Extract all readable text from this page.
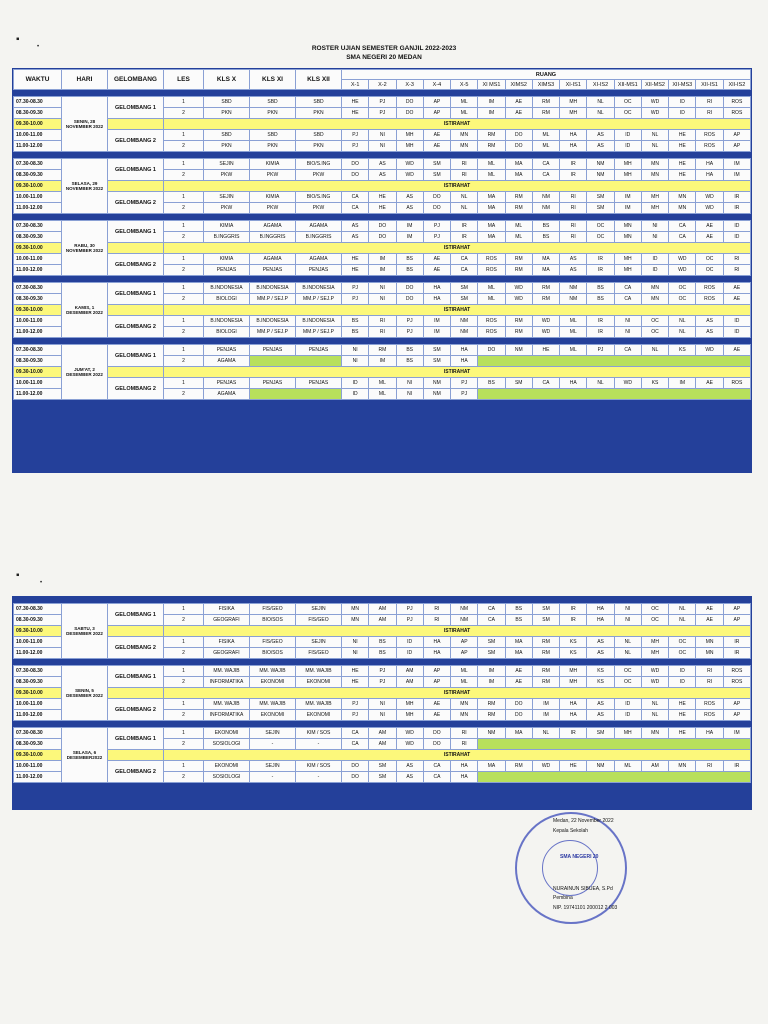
▪
•
▪
•
ROSTER UJIAN SEMESTER GANJIL 2022-2023
SMA NEGERI 20 MEDAN
WAKTU	HARI	GELOMBANG	LES	KLS X	KLS XI	KLS XII	RUANG														
							X-1	X-2	X-3	X-4	X-5	XI MS1	XIMS2	XIMS3	XI-IS1	XI-IS2	XII-MS1	XII-MS2	XII-MS3	XII-IS1	XII-IS2

07.30-08.30	SENIN, 28 NOVEMBER 2022	GELOMBANG 1	1	SBD	SBD	SBD	HE	PJ	DO	AP	ML	IM	AE	RM	MH	NL	OC	WD	ID	RI	ROS
08.30-09.30			2	PKN	PKN	PKN	HE	PJ	DO	AP	ML	IM	AE	RM	MH	NL	OC	WD	ID	RI	ROS
09.30-10.00			ISTIRAHAT																		
10.00-11.00		GELOMBANG 2	1	SBD	SBD	SBD	PJ	NI	MH	AE	MN	RM	DO	ML	HA	AS	ID	NL	HE	ROS	AP
11.00-12.00			2	PKN	PKN	PKN	PJ	NI	MH	AE	MN	RM	DO	ML	HA	AS	ID	NL	HE	ROS	AP

07.30-08.30	SELASA, 29 NOVEMBER 2022	GELOMBANG 1	1	SEJIN	KIMIA	BIO/S.ING	DO	AS	WD	SM	RI	ML	MA	CA	IR	NM	MH	MN	HE	HA	IM
08.30-09.30			2	PKW	PKW	PKW	DO	AS	WD	SM	RI	ML	MA	CA	IR	NM	MH	MN	HE	HA	IM
09.30-10.00			ISTIRAHAT																		
10.00-11.00		GELOMBANG 2	1	SEJIN	KIMIA	BIO/S.ING	CA	HE	AS	DO	NL	MA	RM	NM	RI	SM	IM	MH	MN	WD	IR
11.00-12.00			2	PKW	PKW	PKW	CA	HE	AS	DO	NL	MA	RM	NM	RI	SM	IM	MH	MN	WD	IR

07.30-08.30	RABU, 30 NOVEMBER 2022	GELOMBANG 1	1	KIMIA	AGAMA	AGAMA	AS	DO	IM	PJ	IR	MA	ML	BS	RI	OC	MN	NI	CA	AE	ID
08.30-09.30			2	B.INGGRIS	B.INGGRIS	B.INGGRIS	AS	DO	IM	PJ	IR	MA	ML	BS	RI	OC	MN	NI	CA	AE	ID
09.30-10.00			ISTIRAHAT																		
10.00-11.00		GELOMBANG 2	1	KIMIA	AGAMA	AGAMA	HE	IM	BS	AE	CA	ROS	RM	MA	AS	IR	MH	ID	WD	OC	RI
11.00-12.00			2	PENJAS	PENJAS	PENJAS	HE	IM	BS	AE	CA	ROS	RM	MA	AS	IR	MH	ID	WD	OC	RI

07.30-08.30	KAMIS, 1 DESEMBER 2022	GELOMBANG 1	1	B.INDONESIA	B.INDONESIA	B.INDONESIA	PJ	NI	DO	HA	SM	ML	WD	RM	NM	BS	CA	MN	OC	ROS	AE
08.30-09.30			2	BIOLOGI	MM.P / SEJ.P	MM.P / SEJ.P	PJ	NI	DO	HA	SM	ML	WD	RM	NM	BS	CA	MN	OC	ROS	AE
09.30-10.00			ISTIRAHAT																		
10.00-11.00		GELOMBANG 2	1	B.INDONESIA	B.INDONESIA	B.INDONESIA	BS	RI	PJ	IM	NM	ROS	RM	WD	ML	IR	NI	OC	NL	AS	ID
11.00-12.00			2	BIOLOGI	MM.P / SEJ.P	MM.P / SEJ.P	BS	RI	PJ	IM	NM	ROS	RM	WD	ML	IR	NI	OC	NL	AS	ID

07.30-08.30	JUM'AT, 2 DESEMBER 2022	GELOMBANG 1	1	PENJAS	PENJAS	PENJAS	NI	RM	BS	SM	HA	DO	NM	HE	ML	PJ	CA	NL	KS	WD	AE
08.30-09.30			2	AGAMA			NI	IM	BS	SM	HA										
09.30-10.00			ISTIRAHAT																		
10.00-11.00		GELOMBANG 2	1	PENJAS	PENJAS	PENJAS	ID	ML	NI	NM	PJ	BS	SM	CA	HA	NL	WD	KS	IM	AE	ROS
11.00-12.00			2	AGAMA			ID	ML	NI	NM	PJ										

07.30-08.30	SABTU, 3 DESEMBER 2022	GELOMBANG 1	1	FISIKA	FIS/GEO	SEJIN	MN	AM	PJ	RI	NM	CA	BS	SM	IR	HA	NI	OC	NL	AE	AP
08.30-09.30			2	GEOGRAFI	BIO/SOS	FIS/GEO	MN	AM	PJ	RI	NM	CA	BS	SM	IR	HA	NI	OC	NL	AE	AP
09.30-10.00			ISTIRAHAT																		
10.00-11.00		GELOMBANG 2	1	FISIKA	FIS/GEO	SEJIN	NI	BS	ID	HA	AP	SM	MA	RM	KS	AS	NL	MH	OC	MN	IR
11.00-12.00			2	GEOGRAFI	BIO/SOS	FIS/GEO	NI	BS	ID	HA	AP	SM	MA	RM	KS	AS	NL	MH	OC	MN	IR

07.30-08.30	SENIN, 5 DESEMBER 2022	GELOMBANG 1	1	MM. WAJIB	MM. WAJIB	MM. WAJIB	HE	PJ	AM	AP	ML	IM	AE	RM	MH	KS	OC	WD	ID	RI	ROS
08.30-09.30			2	INFORMATIKA	EKONOMI	EKONOMI	HE	PJ	AM	AP	ML	IM	AE	RM	MH	KS	OC	WD	ID	RI	ROS
09.30-10.00			ISTIRAHAT																		
10.00-11.00		GELOMBANG 2	1	MM. WAJIB	MM. WAJIB	MM. WAJIB	PJ	NI	MH	AE	MN	RM	DO	IM	HA	AS	ID	NL	HE	ROS	AP
11.00-12.00			2	INFORMATIKA	EKONOMI	EKONOMI	PJ	NI	MH	AE	MN	RM	DO	IM	HA	AS	ID	NL	HE	ROS	AP

07.30-08.30	SELASA, 6 DESEMBER2022	GELOMBANG 1	1	EKONOMI	SEJIN	KIM / SOS	CA	AM	WD	DO	RI	NM	MA	NL	IR	SM	MH	MN	HE	HA	IM
08.30-09.30			2	SOSIOLOGI	-	-	CA	AM	WD	DO	RI										
09.30-10.00			ISTIRAHAT																		
10.00-11.00		GELOMBANG 2	1	EKONOMI	SEJIN	KIM / SOS	DO	SM	AS	CA	HA	MA	RM	WD	HE	NM	ML	AM	MN	RI	IR
11.00-12.00			2	SOSIOLOGI	-	-	DO	SM	AS	CA	HA										
SMA NEGERI 20
Medan, 22 November 2022
Kepala Sekolah
NURAINUN SIBUEA, S.Pd
Pembina
NIP. 19741101 200012 2 003
